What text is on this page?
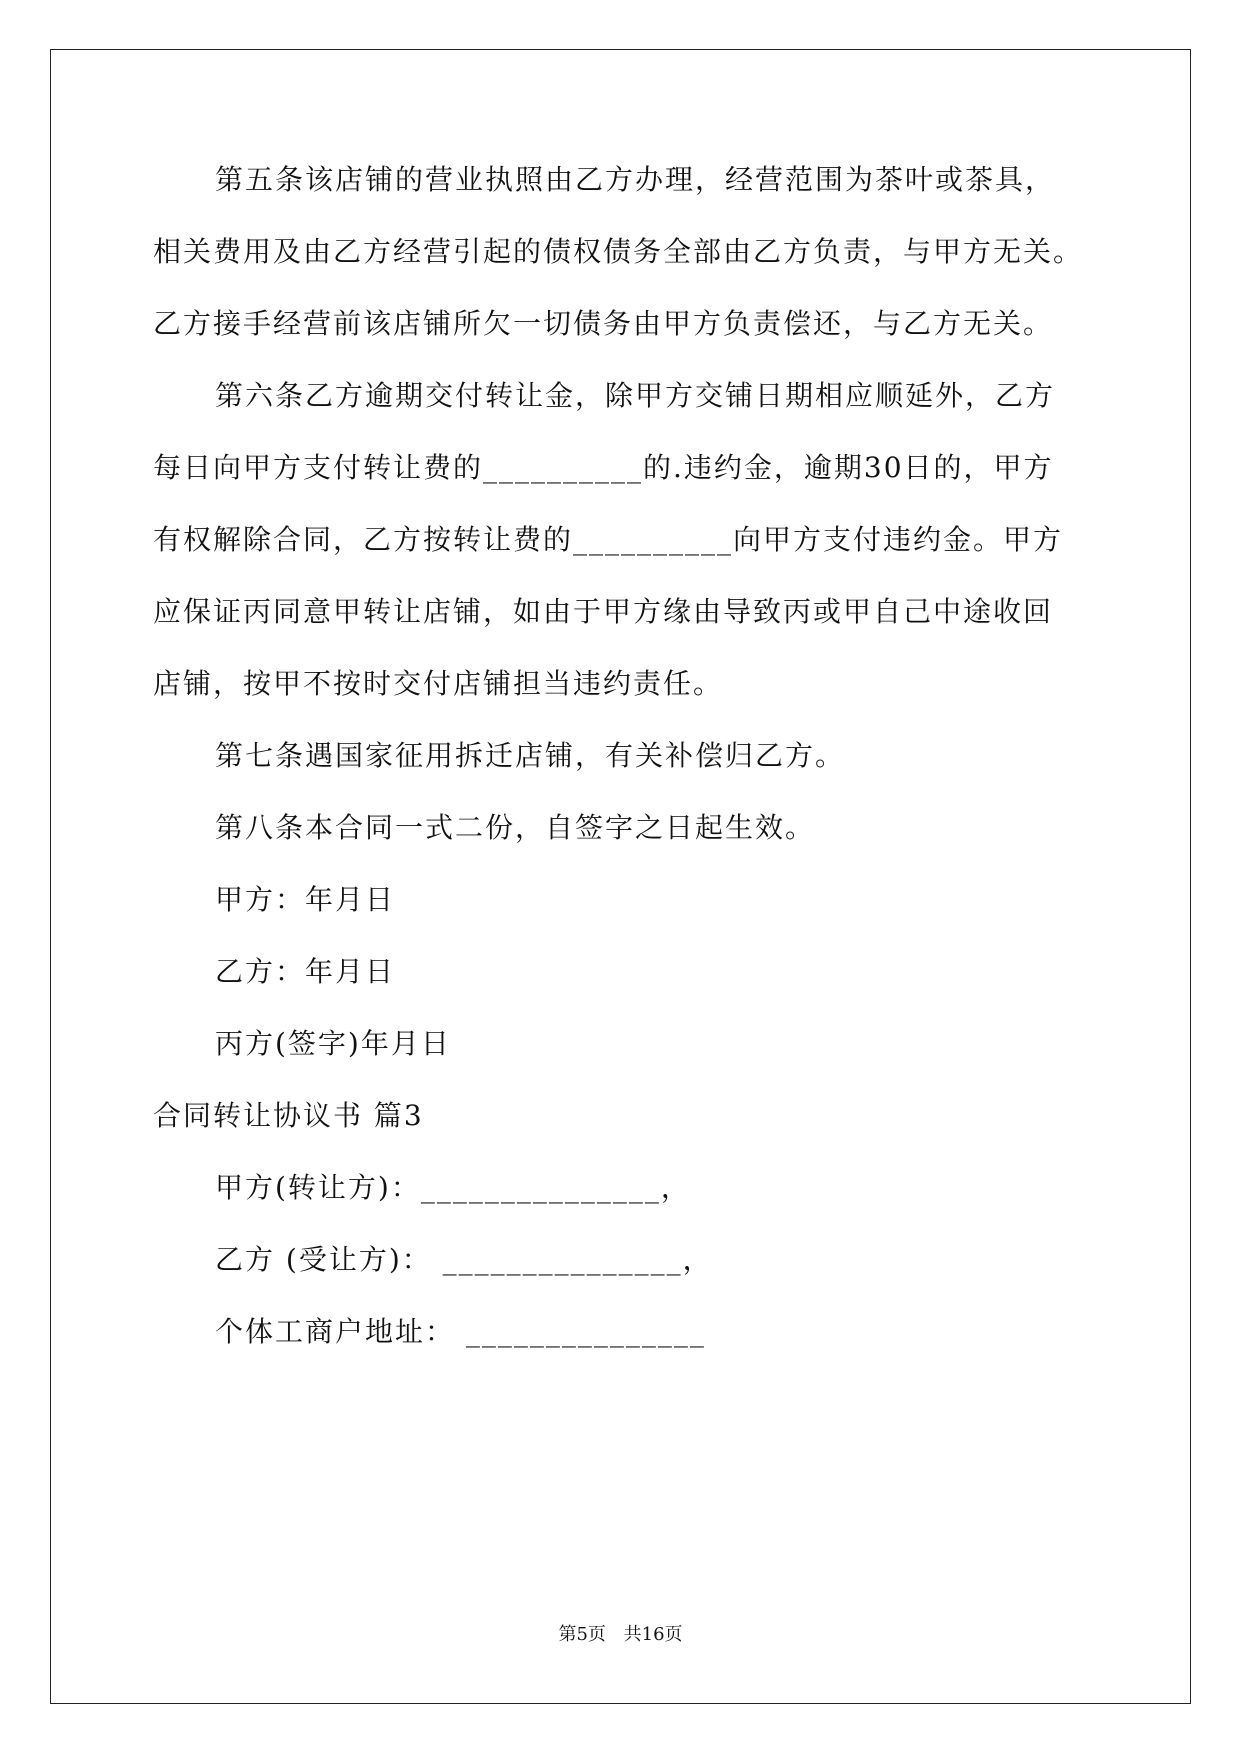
第五条该店铺的营业执照由乙方办理，经营范围为茶叶或茶具，
相关费用及由乙方经营引起的债权债务全部由乙方负责，与甲方无关。
乙方接手经营前该店铺所欠一切债务由甲方负责偿还，与乙方无关。
第六条乙方逾期交付转让金，除甲方交铺日期相应顺延外，乙方
每日向甲方支付转让费的__________的.违约金，逾期30日的，甲方
有权解除合同，乙方按转让费的__________向甲方支付违约金。甲方
应保证丙同意甲转让店铺，如由于甲方缘由导致丙或甲自己中途收回
店铺，按甲不按时交付店铺担当违约责任。
第七条遇国家征用拆迁店铺，有关补偿归乙方。
第八条本合同一式二份，自签字之日起生效。
甲方：年月日
乙方：年月日
丙方(签字)年月日
合同转让协议书 篇3
甲方(转让方)：_______________，
乙方 (受让方)： _______________，
个体工商户地址： _______________
第5页 共16页
